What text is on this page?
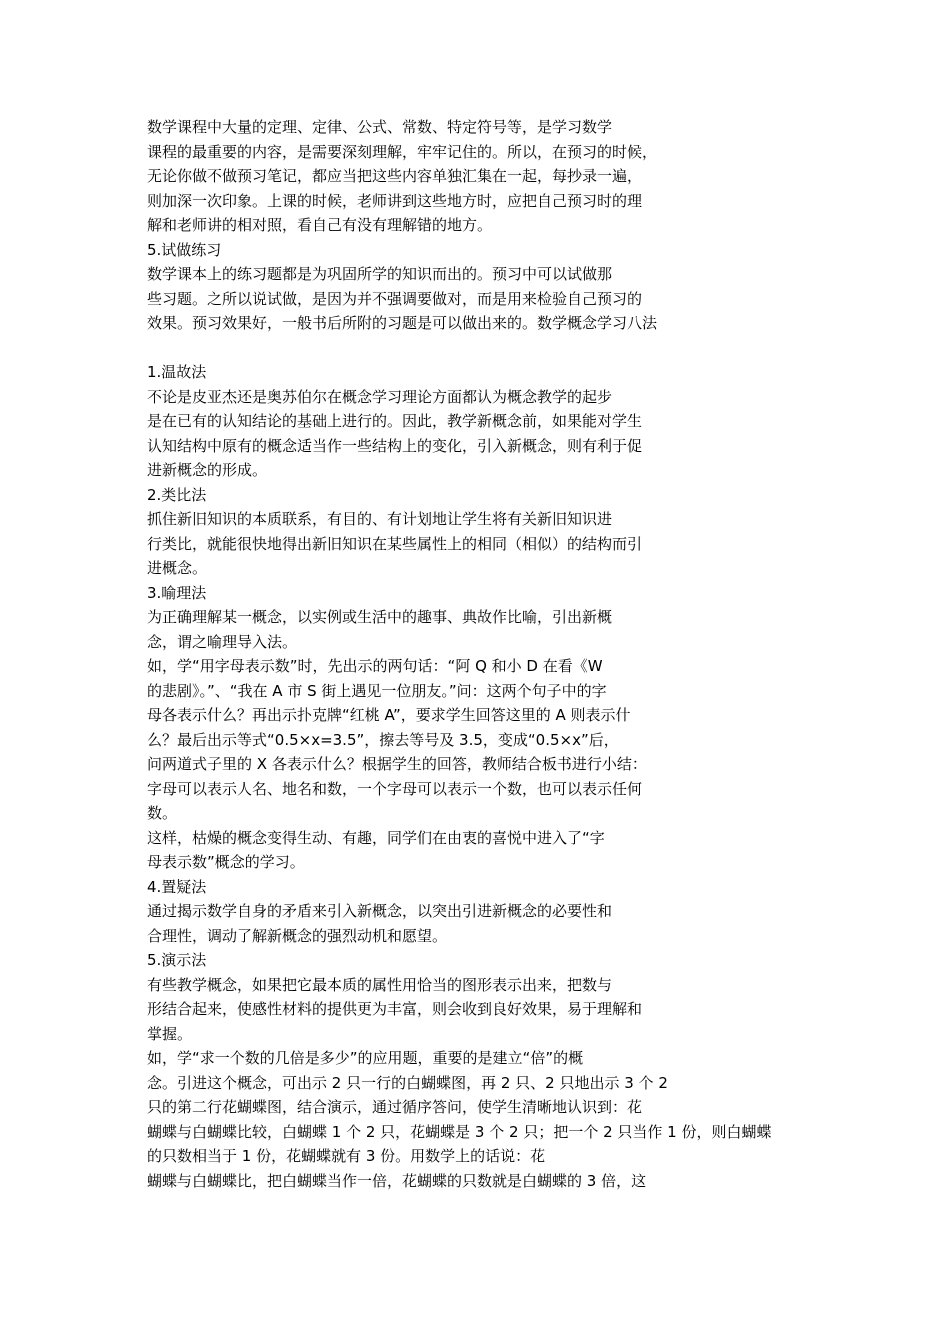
数学课程中大量的定理、定律、公式、常数、特定符号等，是学习数学

课程的最重要的内容，是需要深刻理解，牢牢记住的。所以，在预习的时候，

无论你做不做预习笔记，都应当把这些内容单独汇集在一起，每抄录一遍，

则加深一次印象。上课的时候，老师讲到这些地方时，应把自己预习时的理

解和老师讲的相对照，看自己有没有理解错的地方。

5.试做练习

数学课本上的练习题都是为巩固所学的知识而出的。预习中可以试做那

些习题。之所以说试做，是因为并不强调要做对，而是用来检验自己预习的

效果。预习效果好，一般书后所附的习题是可以做出来的。数学概念学习八法

1.温故法

不论是皮亚杰还是奥苏伯尔在概念学习理论方面都认为概念教学的起步

是在已有的认知结论的基础上进行的。因此，教学新概念前，如果能对学生

认知结构中原有的概念适当作一些结构上的变化，引入新概念，则有利于促

进新概念的形成。

2.类比法

抓住新旧知识的本质联系，有目的、有计划地让学生将有关新旧知识进

行类比，就能很快地得出新旧知识在某些属性上的相同（相似）的结构而引

进概念。

3.喻理法

为正确理解某一概念，以实例或生活中的趣事、典故作比喻，引出新概

念，谓之喻理导入法。

如，学“用字母表示数”时，先出示的两句话：“阿 Q 和小 D 在看《W

的悲剧》。”、“我在 A 市 S 街上遇见一位朋友。”问：这两个句子中的字

母各表示什么？再出示扑克牌“红桃 A”，要求学生回答这里的 A 则表示什

么？最后出示等式“0.5×x=3.5”，擦去等号及 3.5，变成“0.5×x”后，

问两道式子里的 X 各表示什么？根据学生的回答，教师结合板书进行小结：

字母可以表示人名、地名和数，一个字母可以表示一个数，也可以表示任何

数。

这样，枯燥的概念变得生动、有趣，同学们在由衷的喜悦中进入了“字

母表示数”概念的学习。

4.置疑法

通过揭示数学自身的矛盾来引入新概念，以突出引进新概念的必要性和

合理性，调动了解新概念的强烈动机和愿望。

5.演示法

有些教学概念，如果把它最本质的属性用恰当的图形表示出来，把数与

形结合起来，使感性材料的提供更为丰富，则会收到良好效果，易于理解和

掌握。

如，学“求一个数的几倍是多少”的应用题，重要的是建立“倍”的概

念。引进这个概念，可出示 2 只一行的白蝴蝶图，再 2 只、2 只地出示 3 个 2

只的第二行花蝴蝶图，结合演示，通过循序答问，使学生清晰地认识到：花

蝴蝶与白蝴蝶比较，白蝴蝶 1 个 2 只，花蝴蝶是 3 个 2 只；把一个 2 只当作 1 份，则白蝴蝶

的只数相当于 1 份，花蝴蝶就有 3 份。用数学上的话说：花

蝴蝶与白蝴蝶比，把白蝴蝶当作一倍，花蝴蝶的只数就是白蝴蝶的 3 倍，这
